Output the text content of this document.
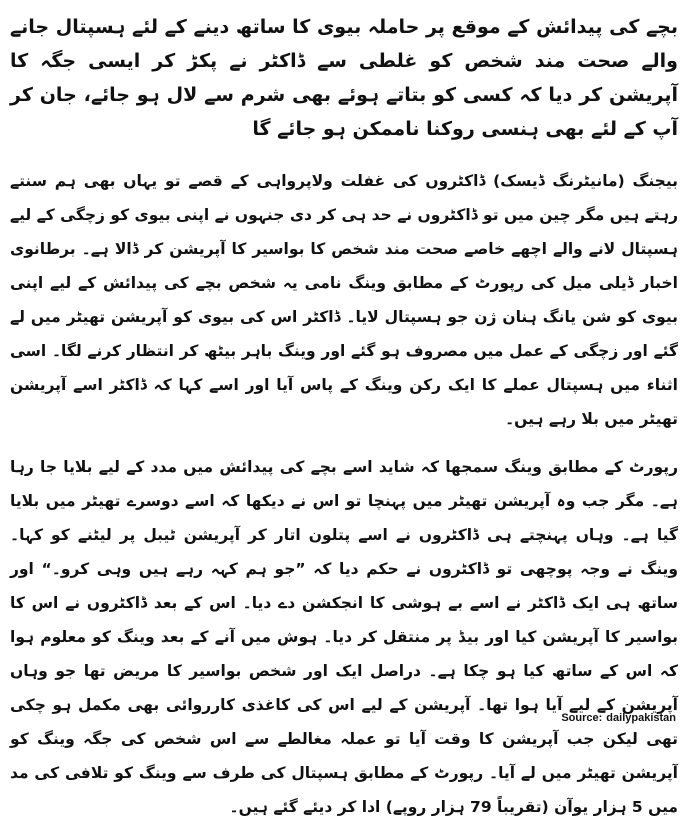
بچے کی پیدائش کے موقع پر حاملہ بیوی کا ساتھ دینے کے لئے ہسپتال جانے والے صحت مند شخص کو غلطی سے ڈاکٹر نے پکڑ کر ایسی جگہ کا آپریشن کر دیا کہ کسی کو بتاتے ہوئے بھی شرم سے لال ہو جائے، جان کر آپ کے لئے بھی ہنسی روکنا ناممکن ہو جائے گا

بیجنگ (مانیٹرنگ ڈیسک) ڈاکٹروں کی غفلت ولاپرواہی کے قصے تو یہاں بھی ہم سنتے رہتے ہیں مگر چین میں تو ڈاکٹروں نے حد ہی کر دی جنہوں نے اپنی بیوی کو زچگی کے لیے ہسپتال لانے والے اچھے خاصے صحت مند شخص کا بواسیر کا آپریشن کر ڈالا ہے۔ برطانوی اخبار ڈیلی میل کی رپورٹ کے مطابق وینگ نامی یہ شخص بچے کی پیدائش کے لیے اپنی بیوی کو شن یانگ ہنان ژن جو ہسپتال لایا۔ ڈاکٹر اس کی بیوی کو آپریشن تھیٹر میں لے گئے اور زچگی کے عمل میں مصروف ہو گئے اور وینگ باہر بیٹھ کر انتظار کرنے لگا۔ اسی اثناء میں ہسپتال عملے کا ایک رکن وینگ کے پاس آیا اور اسے کہا کہ ڈاکٹر اسے آپریشن تھیٹر میں بلا رہے ہیں۔

رپورٹ کے مطابق وینگ سمجھا کہ شاید اسے بچے کی پیدائش میں مدد کے لیے بلایا جا رہا ہے۔ مگر جب وہ آپریشن تھیٹر میں پہنچا تو اس نے دیکھا کہ اسے دوسرے تھیٹر میں بلایا گیا ہے۔ وہاں پہنچتے ہی ڈاکٹروں نے اسے پتلون اتار کر آپریشن ٹیبل پر لیٹنے کو کہا۔ وینگ نے وجہ پوچھی تو ڈاکٹروں نے حکم دیا کہ ”جو ہم کہہ رہے ہیں وہی کرو۔“ اور ساتھ ہی ایک ڈاکٹر نے اسے بے ہوشی کا انجکشن دے دیا۔ اس کے بعد ڈاکٹروں نے اس کا بواسیر کا آپریشن کیا اور بیڈ پر منتقل کر دیا۔ ہوش میں آنے کے بعد وینگ کو معلوم ہوا کہ اس کے ساتھ کیا ہو چکا ہے۔ دراصل ایک اور شخص بواسیر کا مریض تھا جو وہاں آپریشن کے لیے آیا ہوا تھا۔ آپریشن کے لیے اس کی کاغذی کارروائی بھی مکمل ہو چکی تھی لیکن جب آپریشن کا وقت آیا تو عملہ مغالطے سے اس شخص کی جگہ وینگ کو آپریشن تھیٹر میں لے آیا۔ رپورٹ کے مطابق ہسپتال کی طرف سے وینگ کو تلافی کی مد میں 5 ہزار یوآن (تقریباً 79 ہزار روپے) ادا کر دیئے گئے ہیں۔

Source: dailypakistan
